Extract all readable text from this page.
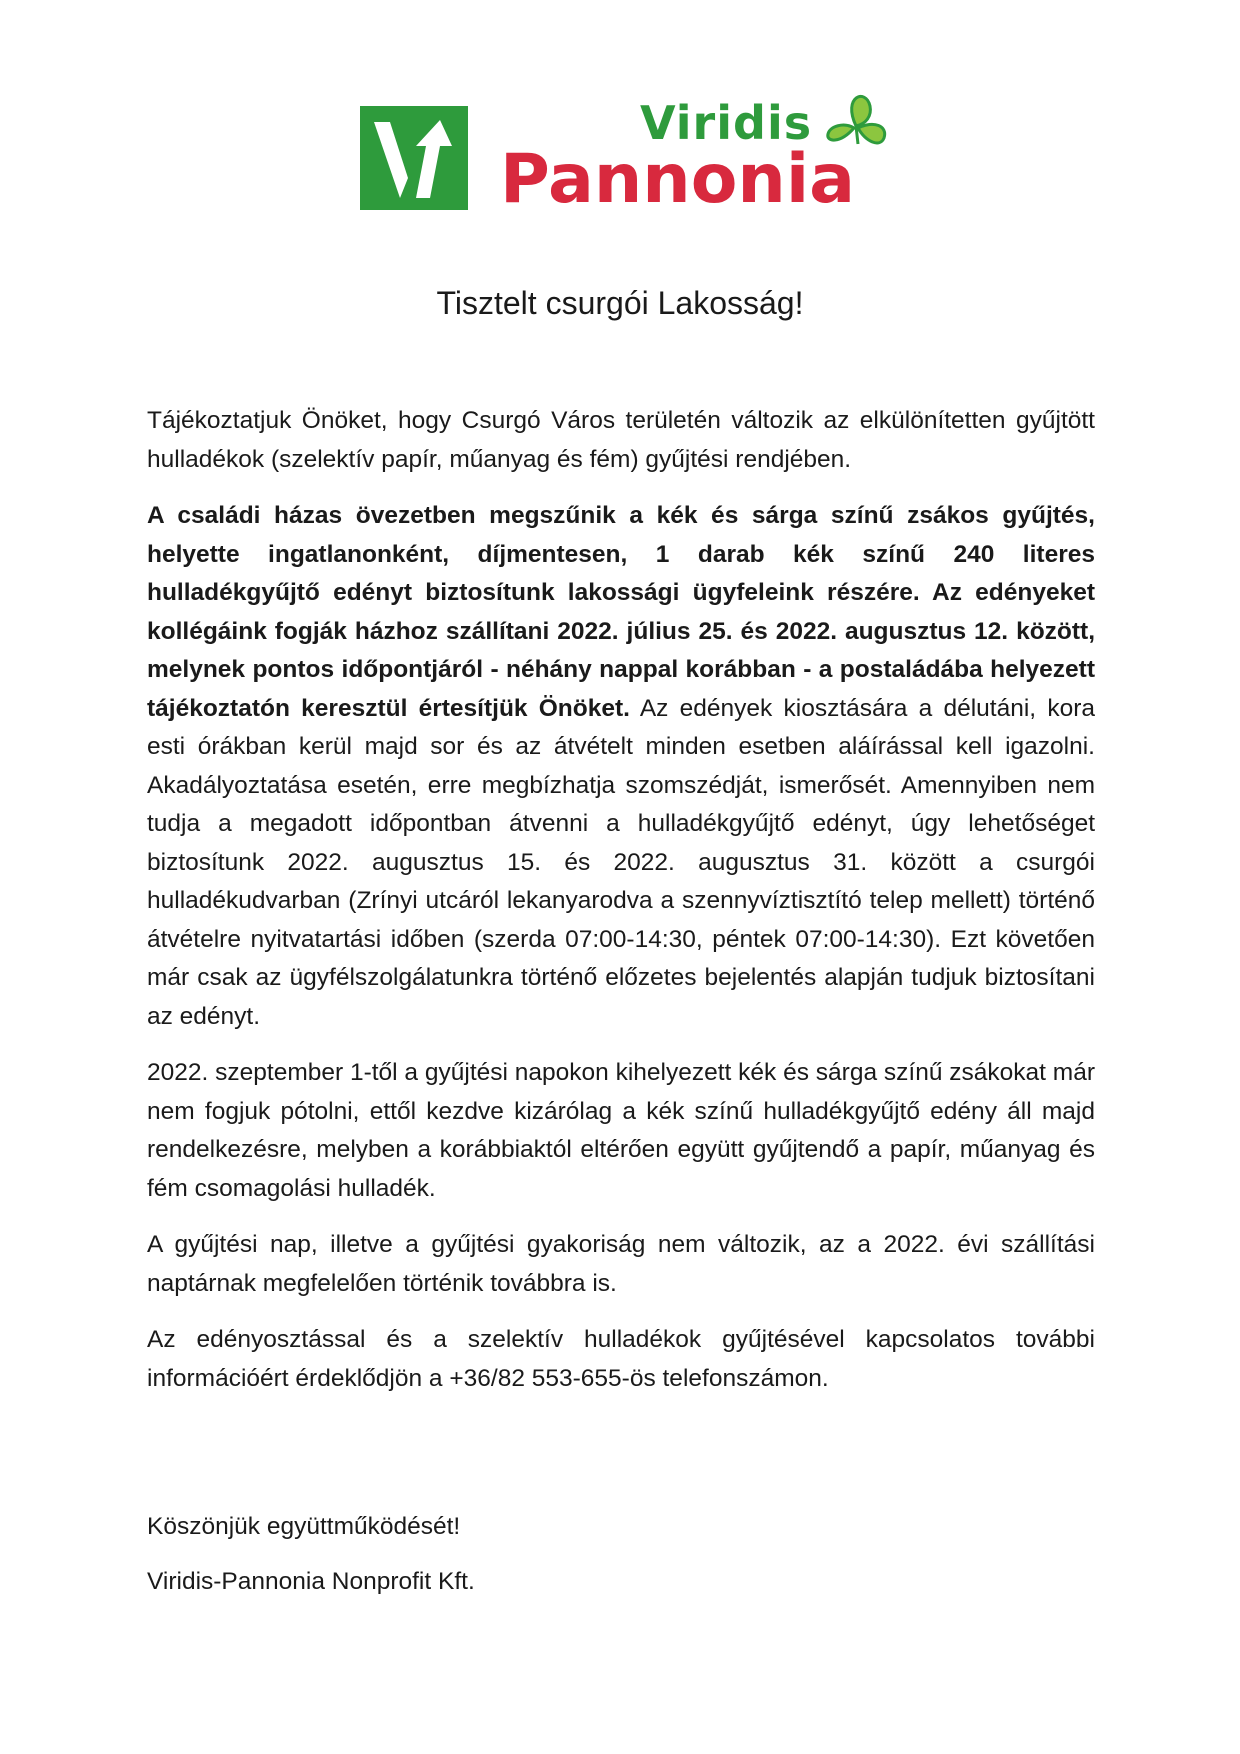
Viridis
Pannonia
Tisztelt csurgói Lakosság!

Tájékoztatjuk Önöket, hogy Csurgó Város területén változik az elkülönítetten gyűjtött hulladékok (szelektív papír, műanyag és fém) gyűjtési rendjében.

A családi házas övezetben megszűnik a kék és sárga színű zsákos gyűjtés, helyette ingatlanonként, díjmentesen, 1 darab kék színű 240 literes hulladékgyűjtő edényt biztosítunk lakossági ügyfeleink részére. Az edényeket kollégáink fogják házhoz szállítani 2022. július 25. és 2022. augusztus 12. között, melynek pontos időpontjáról - néhány nappal korábban - a postaládába helyezett tájékoztatón keresztül értesítjük Önöket. Az edények kiosztására a délutáni, kora esti órákban kerül majd sor és az átvételt minden esetben aláírással kell igazolni. Akadályoztatása esetén, erre megbízhatja szomszédját, ismerősét. Amennyiben nem tudja a megadott időpontban átvenni a hulladékgyűjtő edényt, úgy lehetőséget biztosítunk 2022. augusztus 15. és 2022. augusztus 31. között a csurgói hulladékudvarban (Zrínyi utcáról lekanyarodva a szennyvíztisztító telep mellett) történő átvételre nyitvatartási időben (szerda 07:00-14:30, péntek 07:00-14:30). Ezt követően már csak az ügyfélszolgálatunkra történő előzetes bejelentés alapján tudjuk biztosítani az edényt.

2022. szeptember 1-től a gyűjtési napokon kihelyezett kék és sárga színű zsákokat már nem fogjuk pótolni, ettől kezdve kizárólag a kék színű hulladékgyűjtő edény áll majd rendelkezésre, melyben a korábbiaktól eltérően együtt gyűjtendő a papír, műanyag és fém csomagolási hulladék.

A gyűjtési nap, illetve a gyűjtési gyakoriság nem változik, az a 2022. évi szállítási naptárnak megfelelően történik továbbra is.

Az edényosztással és a szelektív hulladékok gyűjtésével kapcsolatos további információért érdeklődjön a +36/82 553-655-ös telefonszámon.

Köszönjük együttműködését!

Viridis-Pannonia Nonprofit Kft.
